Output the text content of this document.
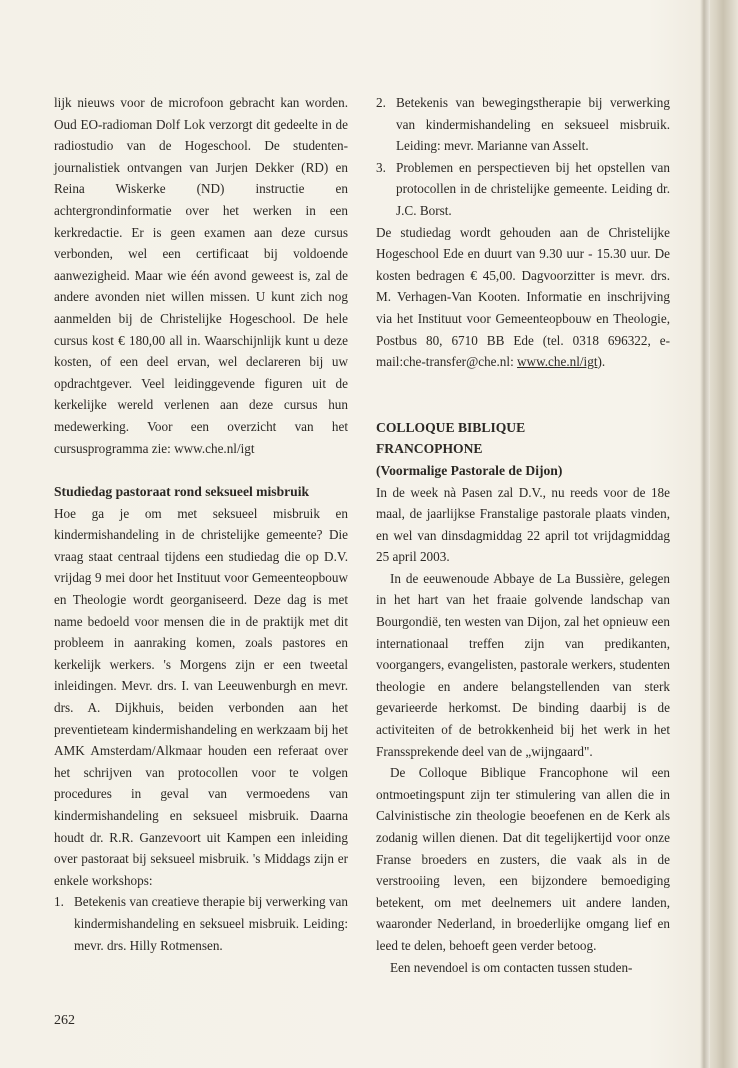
lijk nieuws voor de microfoon gebracht kan worden. Oud EO-radioman Dolf Lok verzorgt dit gedeelte in de radiostudio van de Hogeschool. De studenten-journalistiek ontvangen van Jurjen Dekker (RD) en Reina Wiskerke (ND) instructie en achtergrondinformatie over het werken in een kerkredactie. Er is geen examen aan deze cursus verbonden, wel een certificaat bij voldoende aanwezigheid. Maar wie één avond geweest is, zal de andere avonden niet willen missen. U kunt zich nog aanmelden bij de Christelijke Hogeschool. De hele cursus kost € 180,00 all in. Waarschijnlijk kunt u deze kosten, of een deel ervan, wel declareren bij uw opdrachtgever. Veel leidinggevende figuren uit de kerkelijke wereld verlenen aan deze cursus hun medewerking. Voor een overzicht van het cursusprogramma zie: www.che.nl/igt

Studiedag pastoraat rond seksueel misbruik

Hoe ga je om met seksueel misbruik en kindermishandeling in de christelijke gemeente? Die vraag staat centraal tijdens een studiedag die op D.V. vrijdag 9 mei door het Instituut voor Gemeenteopbouw en Theologie wordt georganiseerd. Deze dag is met name bedoeld voor mensen die in de praktijk met dit probleem in aanraking komen, zoals pastores en kerkelijk werkers. 's Morgens zijn er een tweetal inleidingen. Mevr. drs. I. van Leeuwenburgh en mevr. drs. A. Dijkhuis, beiden verbonden aan het preventieteam kindermishandeling en werkzaam bij het AMK Amsterdam/Alkmaar houden een referaat over het schrijven van protocollen voor te volgen procedures in geval van vermoedens van kindermishandeling en seksueel misbruik. Daarna houdt dr. R.R. Ganzevoort uit Kampen een inleiding over pastoraat bij seksueel misbruik. 's Middags zijn er enkele workshops:

1. Betekenis van creatieve therapie bij verwerking van kindermishandeling en seksueel misbruik. Leiding: mevr. drs. Hilly Rotmensen.
2. Betekenis van bewegingstherapie bij verwerking van kindermishandeling en seksueel misbruik. Leiding: mevr. Marianne van Asselt.
3. Problemen en perspectieven bij het opstellen van protocollen in de christelijke gemeente. Leiding dr. J.C. Borst.

De studiedag wordt gehouden aan de Christelijke Hogeschool Ede en duurt van 9.30 uur - 15.30 uur. De kosten bedragen € 45,00. Dagvoorzitter is mevr. drs. M. Verhagen-Van Kooten. Informatie en inschrijving via het Instituut voor Gemeenteopbouw en Theologie, Postbus 80, 6710 BB Ede (tel. 0318 696322, e-mail:che-transfer@che.nl: www.che.nl/igt).

COLLOQUE BIBLIQUE
FRANCOPHONE
(Voormalige Pastorale de Dijon)

In de week nà Pasen zal D.V., nu reeds voor de 18e maal, de jaarlijkse Franstalige pastorale plaats vinden, en wel van dinsdagmiddag 22 april tot vrijdagmiddag 25 april 2003.

In de eeuwenoude Abbaye de La Bussière, gelegen in het hart van het fraaie golvende landschap van Bourgondië, ten westen van Dijon, zal het opnieuw een internationaal treffen zijn van predikanten, voorgangers, evangelisten, pastorale werkers, studenten theologie en andere belangstellenden van sterk gevarieerde herkomst. De binding daarbij is de activiteiten of de betrokkenheid bij het werk in het Franssprekende deel van de „wijngaard".

De Colloque Biblique Francophone wil een ontmoetingspunt zijn ter stimulering van allen die in Calvinistische zin theologie beoefenen en de Kerk als zodanig willen dienen. Dat dit tegelijkertijd voor onze Franse broeders en zusters, die vaak als in de verstrooiing leven, een bijzondere bemoediging betekent, om met deelnemers uit andere landen, waaronder Nederland, in broederlijke omgang lief en leed te delen, behoeft geen verder betoog.

Een nevendoel is om contacten tussen studen-

262
